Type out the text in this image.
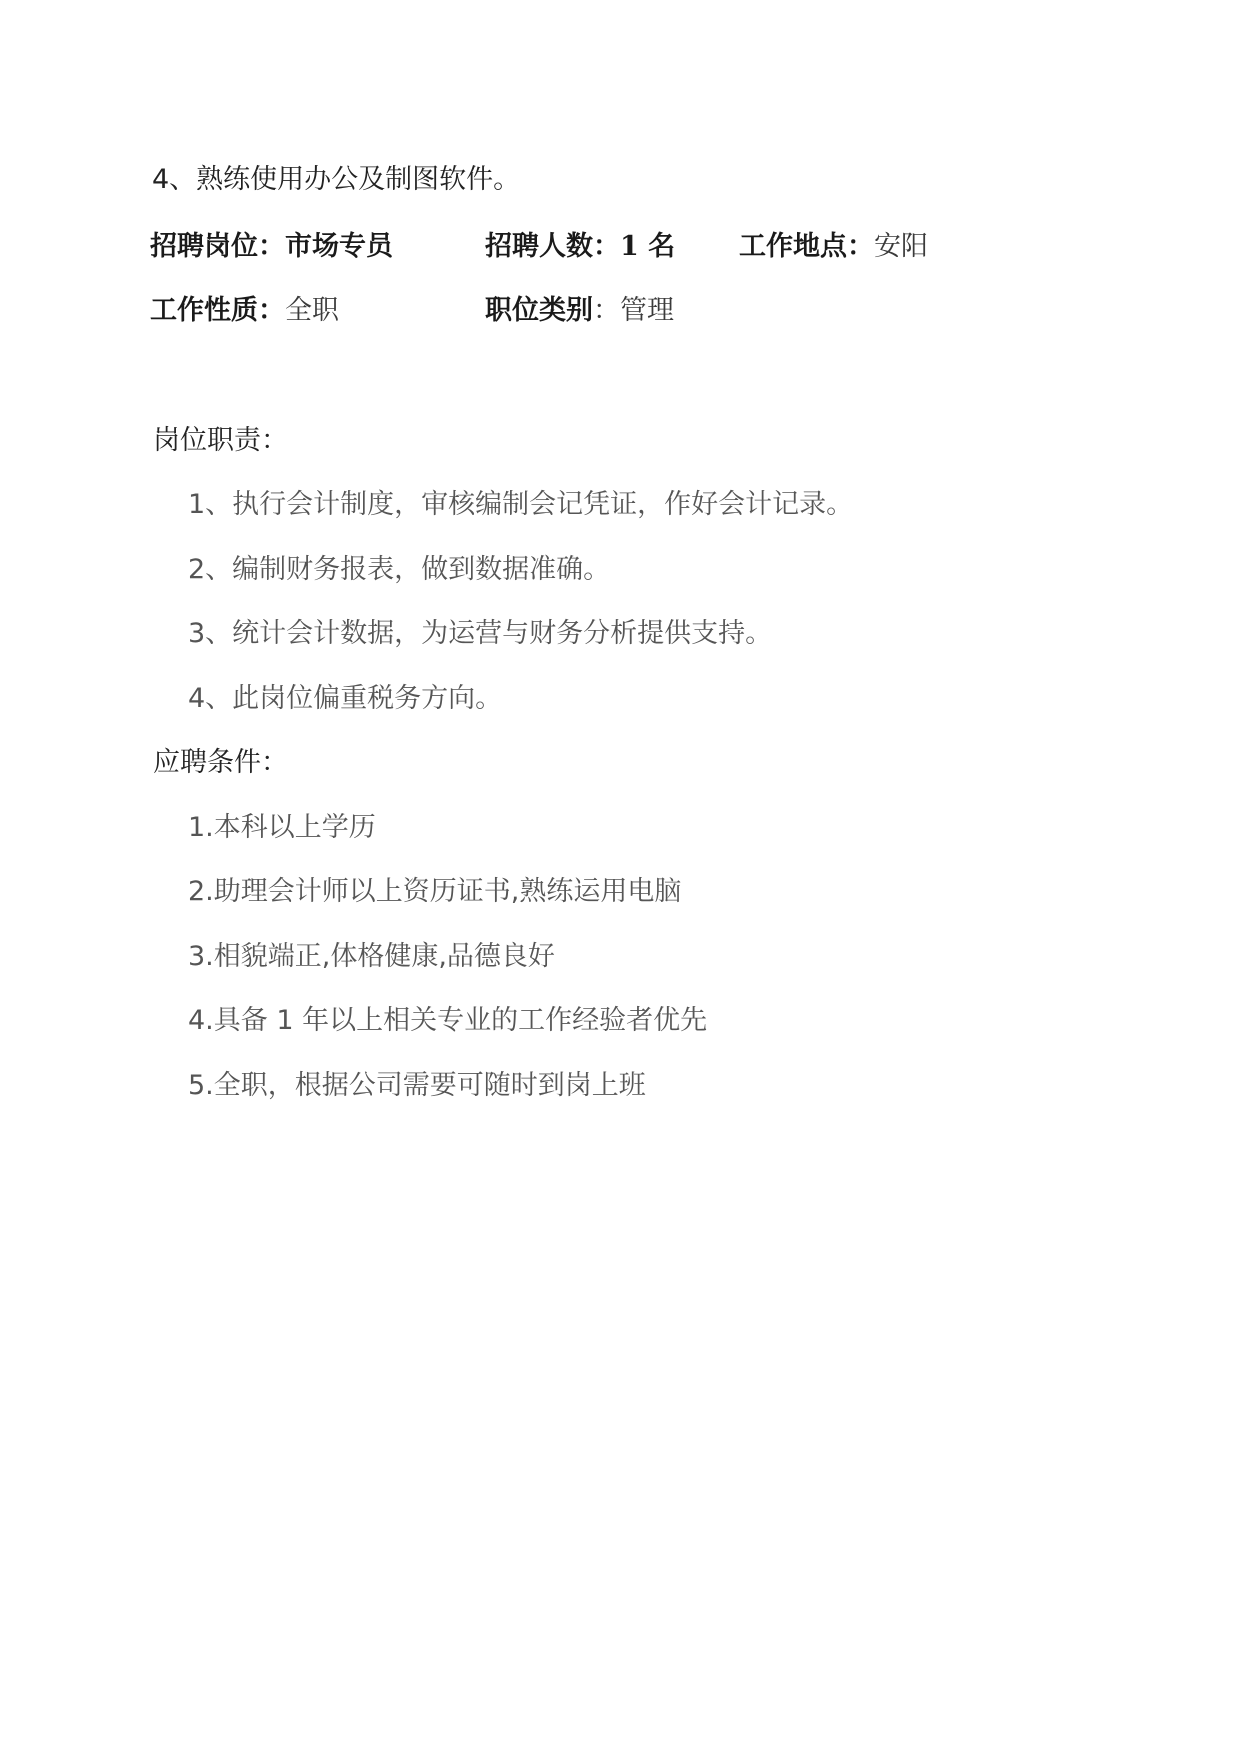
4、熟练使用办公及制图软件。
招聘岗位：市场专员	招聘人数：1 名 工作地点：安阳
工作性质：全职	职位类别：管理
岗位职责：
1、执行会计制度，审核编制会记凭证，作好会计记录。
2、编制财务报表，做到数据准确。
3、统计会计数据，为运营与财务分析提供支持。
4、此岗位偏重税务方向。
应聘条件：
1.本科以上学历
2.助理会计师以上资历证书,熟练运用电脑
3.相貌端正,体格健康,品德良好
4.具备 1 年以上相关专业的工作经验者优先
5.全职，根据公司需要可随时到岗上班
